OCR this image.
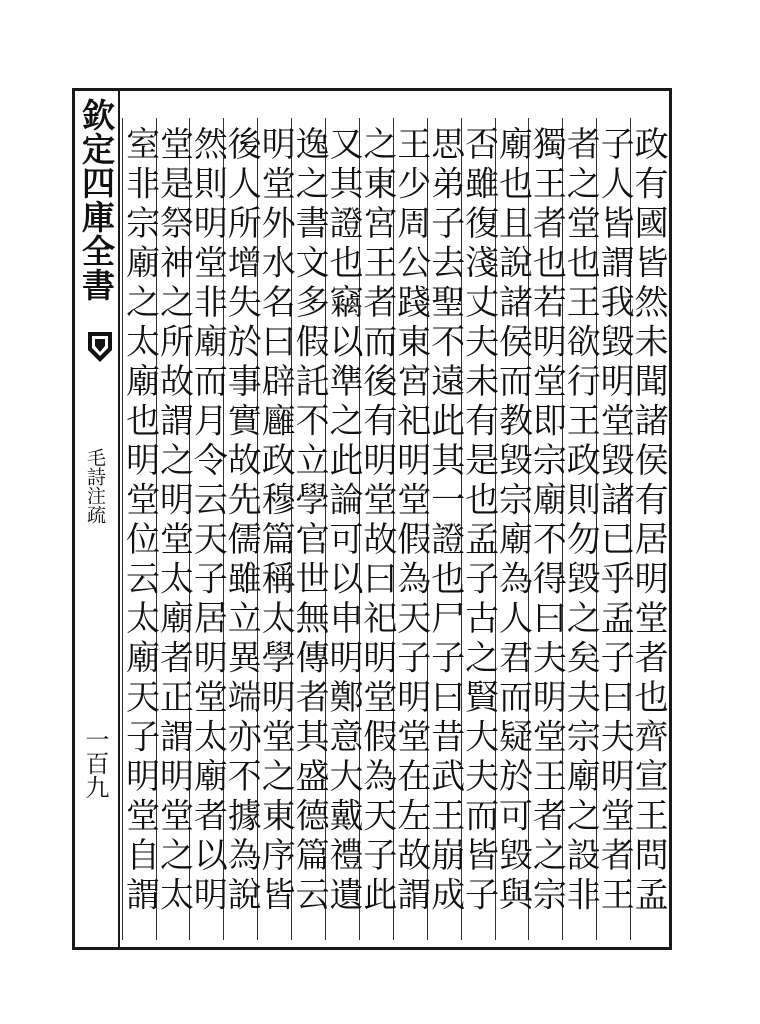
欽定四庫全書
毛詩注疏
一百九	政有國皆然未聞諸侯有居明堂者也齊宣王問孟
子人皆謂我毀明堂毀諸已乎孟子曰夫明堂者王
者之堂也王欲行王政則勿毀之矣夫宗廟之設非
獨王者也若明堂即宗廟不得曰夫明堂王者之宗
廟也且說諸侯而教毀宗廟為人君而疑於可毀與
否雖復淺丈夫未有是也孟子古之賢大夫而皆子
思弟子去聖不遠此其一證也尸子曰昔武王崩成
王少周公踐東宮祀明堂假為天子明堂在左故謂
之東宮王者而後有明堂故曰祀明堂假為天子此
又其證也竊以準之此論可以申明鄭意大戴禮遺
逸之書文多假託不立學官世無傳者其盛德篇云
明堂外水名曰辟廱政穆篇稱太學明堂之東序皆
後人所增失於事實故先儒雖立異端亦不據為說
然則明堂非廟而月令云天子居明堂太廟者以明
堂是祭神之所故謂之明堂太廟者正謂明堂之太
室非宗廟之太廟也明堂位云太廟天子明堂自謂
